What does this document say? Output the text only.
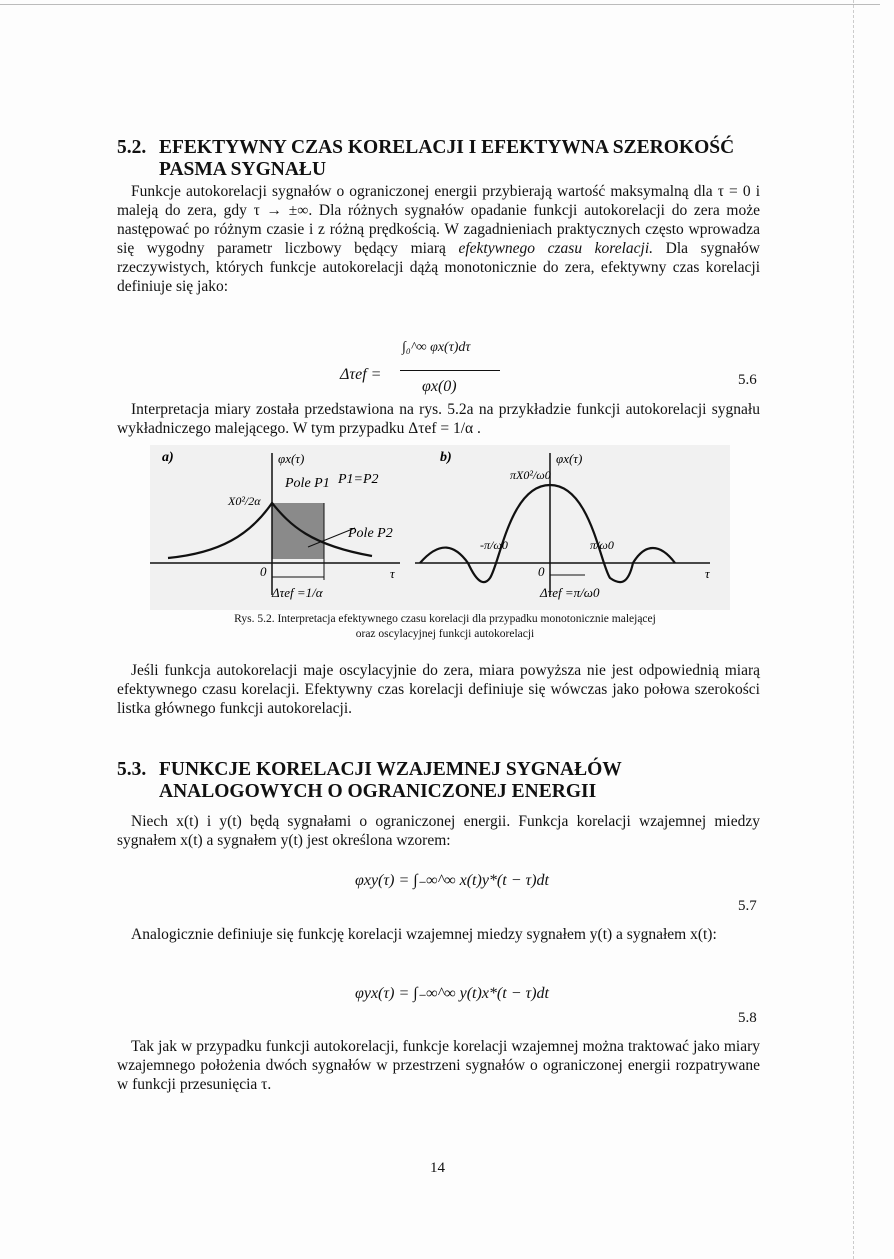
5.2. EFEKTYWNY CZAS KORELACJI I EFEKTYWNA SZEROKOŚĆ
PASMA SYGNAŁU
Funkcje autokorelacji sygnałów o ograniczonej energii przybierają wartość maksymalną dla τ = 0 i maleją do zera, gdy τ → ±∞. Dla różnych sygnałów opadanie funkcji autokorelacji do zera może następować po różnym czasie i z różną prędkością. W zagadnieniach praktycznych często wprowadza się wygodny parametr liczbowy będący miarą efektywnego czasu korelacji. Dla sygnałów rzeczywistych, których funkcje autokorelacji dążą monotonicznie do zera, efektywny czas korelacji definiuje się jako:
Δτef =
∫₀^∞ φx(τ)dτ
φx(0)	5.6
Interpretacja miary została przedstawiona na rys. 5.2a na przykładzie funkcji autokorelacji sygnału wykładniczego malejącego. W tym przypadku Δτef = 1/α .
a)	φx(τ)
X0²/2α
Pole P1 P1=P2
Pole P2
0	τ
Δτef =1/α
b)	φx(τ)
πX0²/ω0
-π/ω0	π/ω0
0	τ
Δτef =π/ω0
Rys. 5.2. Interpretacja efektywnego czasu korelacji dla przypadku monotonicznie malejącej
oraz oscylacyjnej funkcji autokorelacji
Jeśli funkcja autokorelacji maje oscylacyjnie do zera, miara powyższa nie jest odpowiednią miarą efektywnego czasu korelacji. Efektywny czas korelacji definiuje się wówczas jako połowa szerokości listka głównego funkcji autokorelacji.
5.3. FUNKCJE KORELACJI WZAJEMNEJ SYGNAŁÓW
ANALOGOWYCH O OGRANICZONEJ ENERGII
Niech x(t) i y(t) będą sygnałami o ograniczonej energii. Funkcja korelacji wzajemnej miedzy sygnałem x(t) a sygnałem y(t) jest określona wzorem:
φxy(τ) = ∫₋∞^∞ x(t)y*(t − τ)dt
5.7
Analogicznie definiuje się funkcję korelacji wzajemnej miedzy sygnałem y(t) a sygnałem x(t):
φyx(τ) = ∫₋∞^∞ y(t)x*(t − τ)dt
5.8
Tak jak w przypadku funkcji autokorelacji, funkcje korelacji wzajemnej można traktować jako miary wzajemnego położenia dwóch sygnałów w przestrzeni sygnałów o ograniczonej energii rozpatrywane w funkcji przesunięcia τ.
14
